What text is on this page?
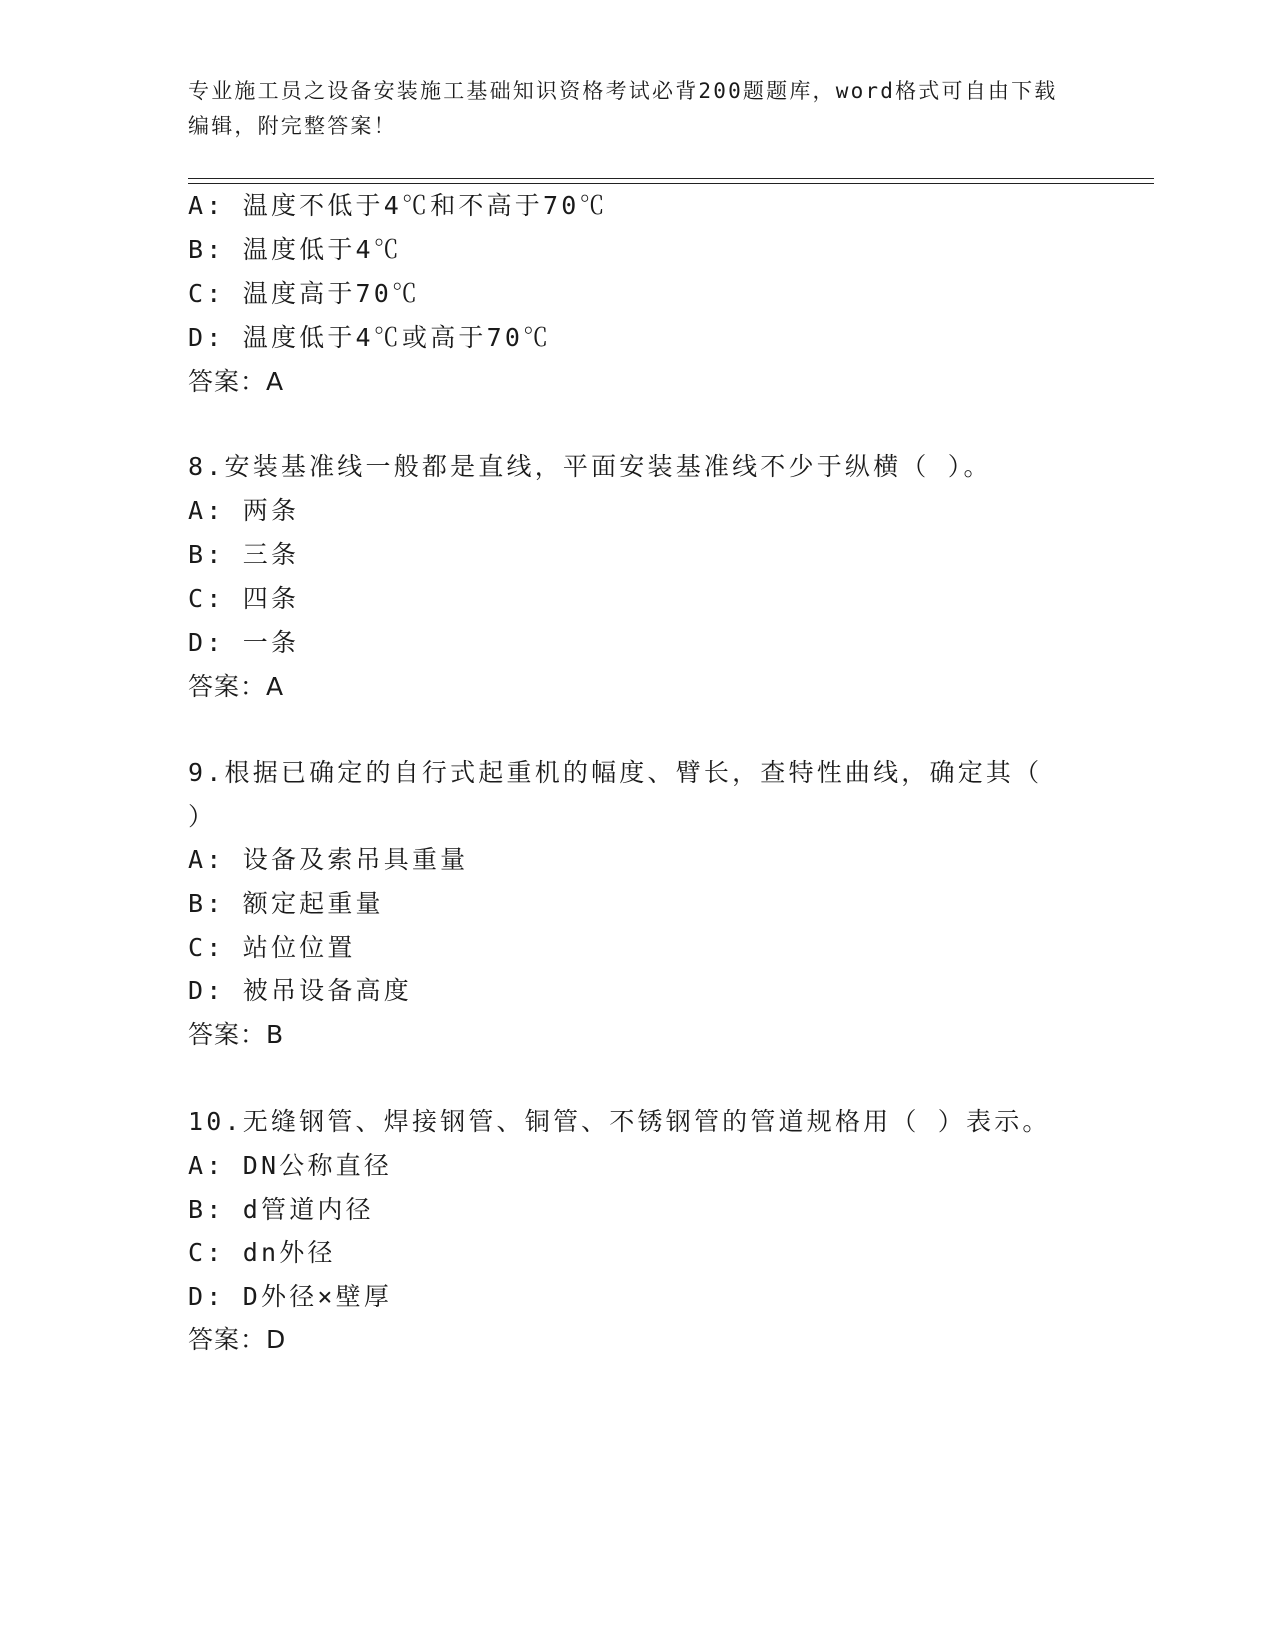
专业施工员之设备安装施工基础知识资格考试必背200题题库，word格式可自由下载编辑，附完整答案！
A: 温度不低于4℃和不高于70℃
B: 温度低于4℃
C: 温度高于70℃
D: 温度低于4℃或高于70℃
答案：A
8.安装基准线一般都是直线，平面安装基准线不少于纵横（ ）。
A: 两条
B: 三条
C: 四条
D: 一条
答案：A
9.根据已确定的自行式起重机的幅度、臂长，查特性曲线，确定其（
）
A: 设备及索吊具重量
B: 额定起重量
C: 站位位置
D: 被吊设备高度
答案：B
10.无缝钢管、焊接钢管、铜管、不锈钢管的管道规格用（ ）表示。
A: DN公称直径
B: d管道内径
C: dn外径
D: D外径×壁厚
答案：D
